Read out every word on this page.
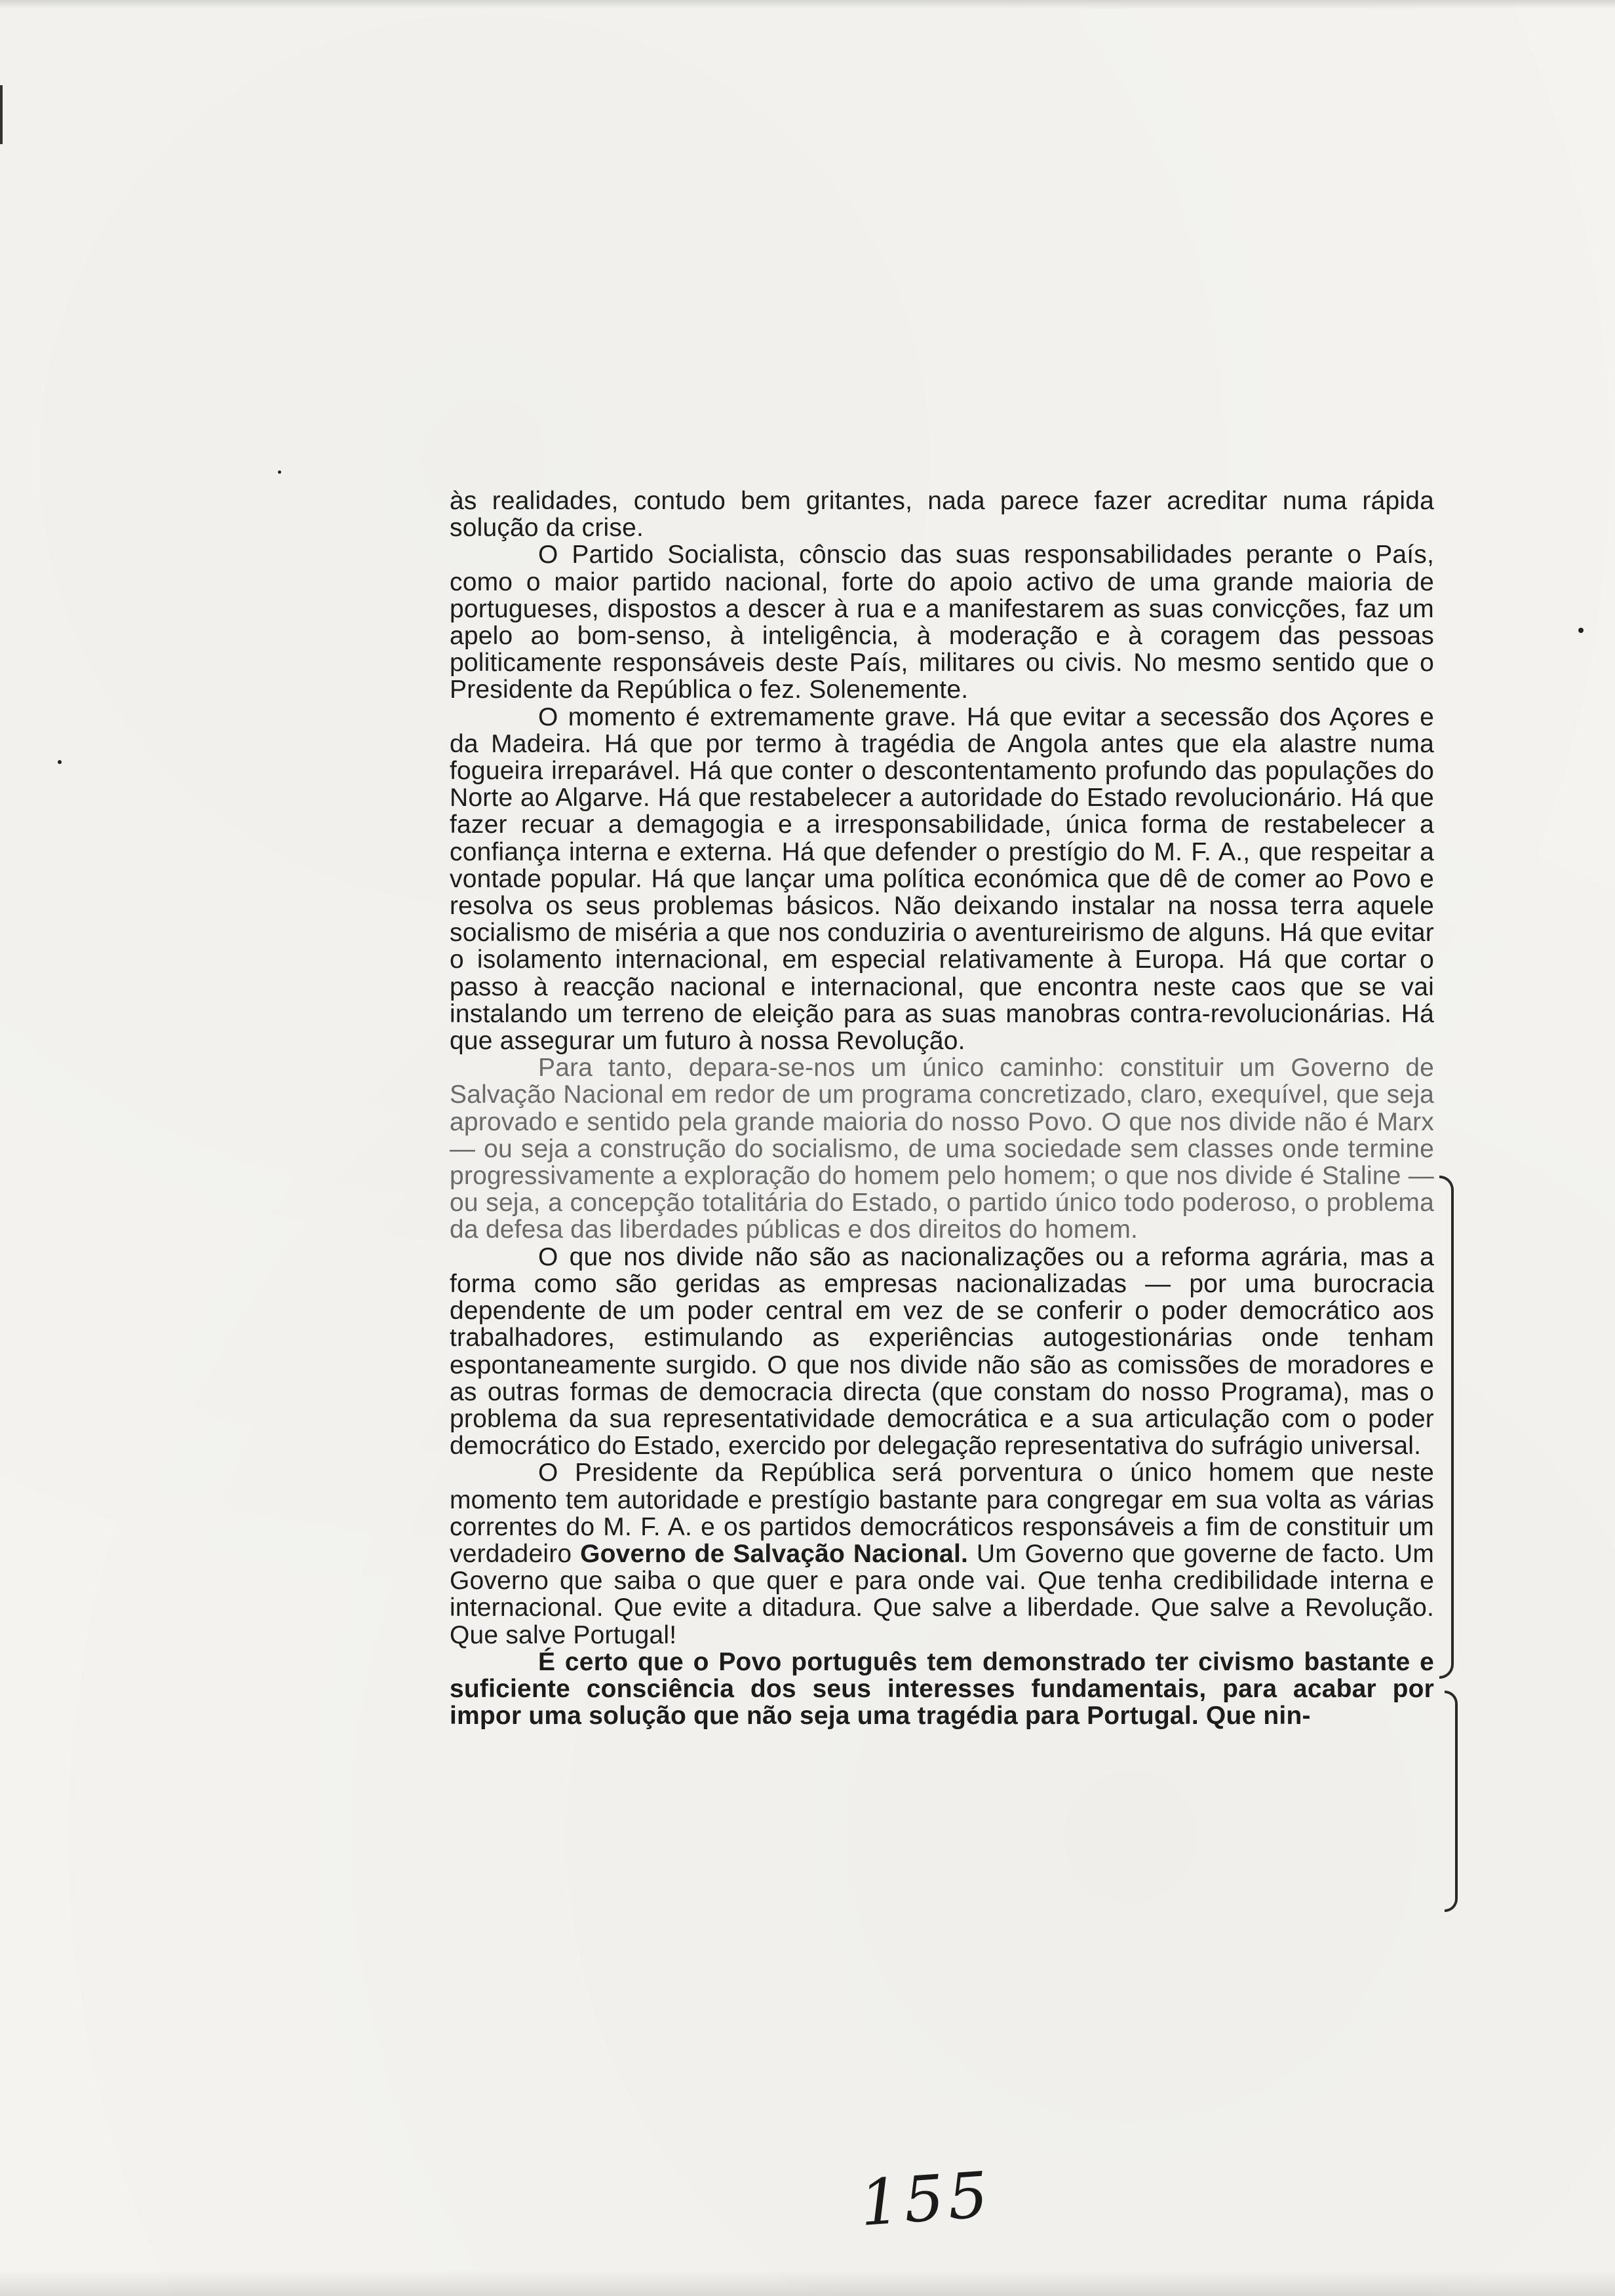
às realidades, contudo bem gritantes, nada parece fazer acreditar numa rápida solução da crise.

O Partido Socialista, cônscio das suas responsabilidades perante o País, como o maior partido nacional, forte do apoio activo de uma grande maioria de portugueses, dispostos a descer à rua e a manifestarem as suas convicções, faz um apelo ao bom-senso, à inteligência, à moderação e à coragem das pessoas politicamente responsáveis deste País, militares ou civis. No mesmo sentido que o Presidente da República o fez. Solenemente.

O momento é extremamente grave. Há que evitar a secessão dos Açores e da Madeira. Há que por termo à tragédia de Angola antes que ela alastre numa fogueira irreparável. Há que conter o descontentamento profundo das populações do Norte ao Algarve. Há que restabelecer a autoridade do Estado revolucionário. Há que fazer recuar a demagogia e a irresponsabilidade, única forma de restabelecer a confiança interna e externa. Há que defender o prestígio do M. F. A., que respeitar a vontade popular. Há que lançar uma política económica que dê de comer ao Povo e resolva os seus problemas básicos. Não deixando instalar na nossa terra aquele socialismo de miséria a que nos conduziria o aventureirismo de alguns. Há que evitar o isolamento internacional, em especial relativamente à Europa. Há que cortar o passo à reacção nacional e internacional, que encontra neste caos que se vai instalando um terreno de eleição para as suas manobras contra-revolucionárias. Há que assegurar um futuro à nossa Revolução.

Para tanto, depara-se-nos um único caminho: constituir um Governo de Salvação Nacional em redor de um programa concretizado, claro, exequível, que seja aprovado e sentido pela grande maioria do nosso Povo. O que nos divide não é Marx — ou seja a construção do socialismo, de uma sociedade sem classes onde termine progressivamente a exploração do homem pelo homem; o que nos divide é Staline — ou seja, a concepção totalitária do Estado, o partido único todo poderoso, o problema da defesa das liberdades públicas e dos direitos do homem.

O que nos divide não são as nacionalizações ou a reforma agrária, mas a forma como são geridas as empresas nacionalizadas — por uma burocracia dependente de um poder central em vez de se conferir o poder democrático aos trabalhadores, estimulando as experiências autogestionárias onde tenham espontaneamente surgido. O que nos divide não são as comissões de moradores e as outras formas de democracia directa (que constam do nosso Programa), mas o problema da sua representatividade democrática e a sua articulação com o poder democrático do Estado, exercido por delegação representativa do sufrágio universal.

O Presidente da República será porventura o único homem que neste momento tem autoridade e prestígio bastante para congregar em sua volta as várias correntes do M. F. A. e os partidos democráticos responsáveis a fim de constituir um verdadeiro Governo de Salvação Nacional. Um Governo que governe de facto. Um Governo que saiba o que quer e para onde vai. Que tenha credibilidade interna e internacional. Que evite a ditadura. Que salve a liberdade. Que salve a Revolução. Que salve Portugal!

É certo que o Povo português tem demonstrado ter civismo bastante e suficiente consciência dos seus interesses fundamentais, para acabar por impor uma solução que não seja uma tragédia para Portugal. Que nin-

155
